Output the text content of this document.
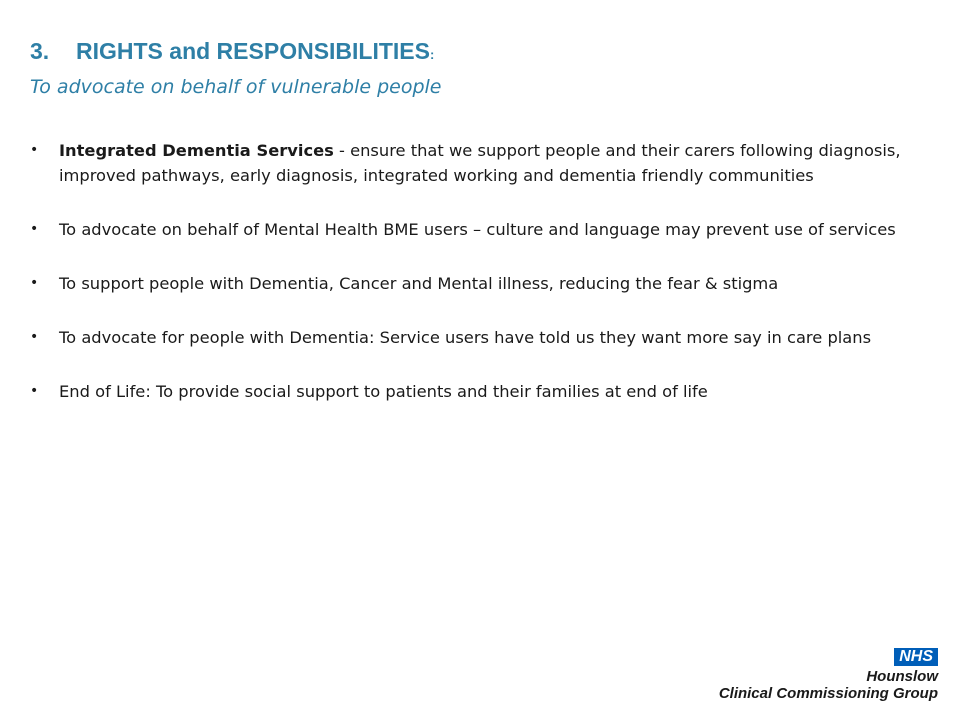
3. RIGHTS and RESPONSIBILITIES:
To advocate on behalf of vulnerable people
• Integrated Dementia Services - ensure that we support people and their carers following diagnosis, improved pathways, early diagnosis, integrated working and dementia friendly communities
• To advocate on behalf of Mental Health BME users – culture and language may prevent use of services
• To support people with Dementia, Cancer and Mental illness, reducing the fear & stigma
• To advocate for people with Dementia: Service users have told us they want more say in care plans
• End of Life: To provide social support to patients and their families at end of life
NHS
Hounslow
Clinical Commissioning Group
